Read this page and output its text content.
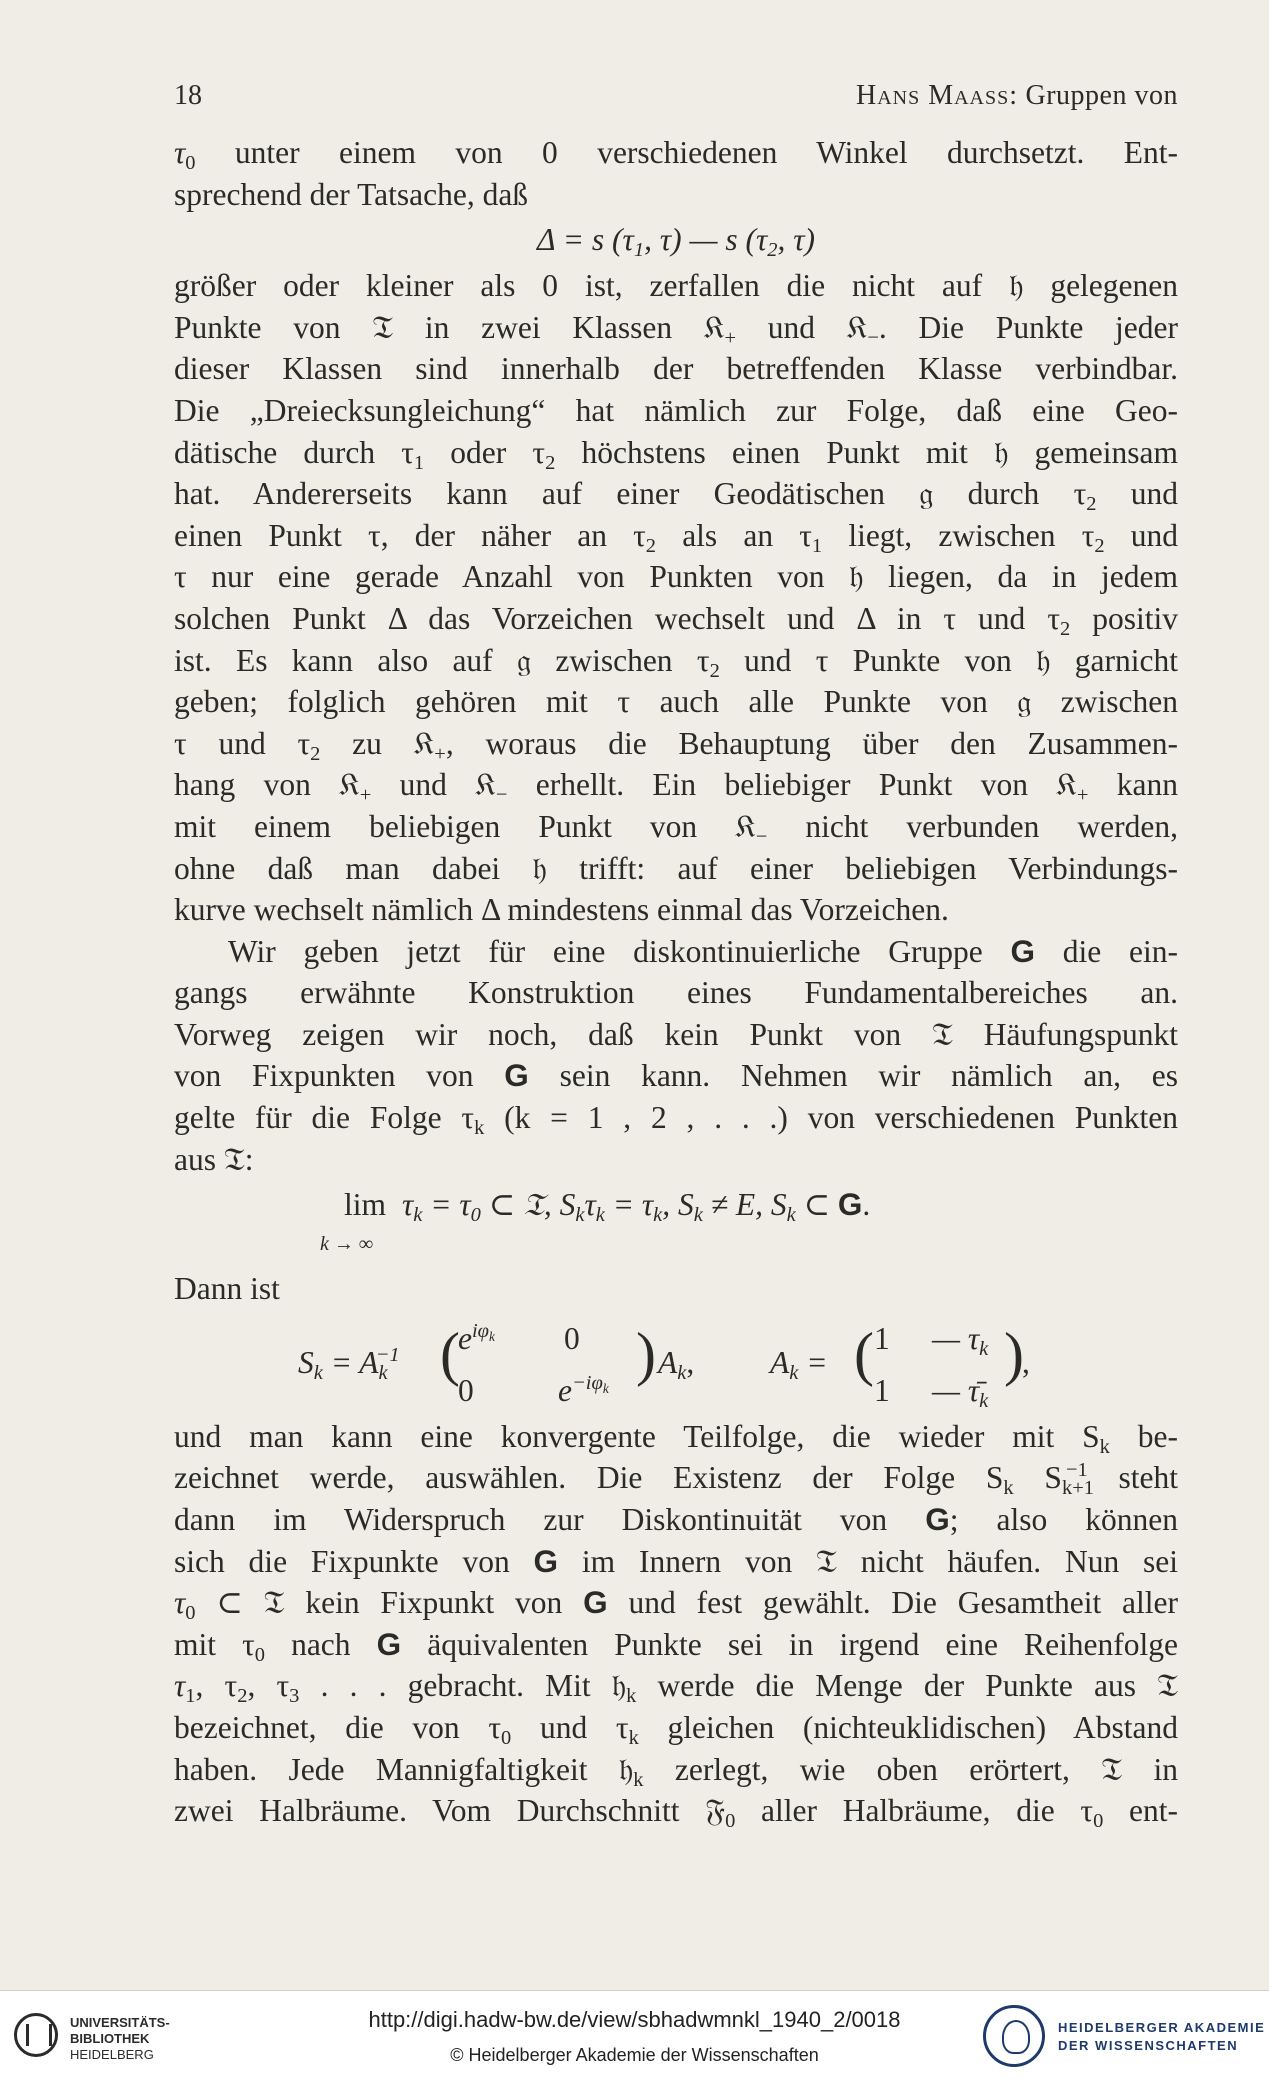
18	Hans Maass: Gruppen von
$\tau_0$ unter einem von 0 verschiedenen Winkel durchsetzt. Ent-
sprechend der Tatsache, daß
Δ = s ($\tau_1$, τ) — s ($\tau_2$, τ)
größer oder kleiner als 0 ist, zerfallen die nicht auf 𝔥 gelegenen
Punkte von 𝔗 in zwei Klassen 𝔎$_+$ und 𝔎$_-$. Die Punkte jeder
dieser Klassen sind innerhalb der betreffenden Klasse verbindbar.
Die „Dreiecksungleichung“ hat nämlich zur Folge, daß eine Geo-
dätische durch $\tau_1$ oder $\tau_2$ höchstens einen Punkt mit 𝔥 gemeinsam
hat. Andererseits kann auf einer Geodätischen 𝔤 durch $\tau_2$ und
einen Punkt τ, der näher an $\tau_2$ als an $\tau_1$ liegt, zwischen $\tau_2$ und
τ nur eine gerade Anzahl von Punkten von 𝔥 liegen, da in jedem
solchen Punkt Δ das Vorzeichen wechselt und Δ in τ und $\tau_2$ positiv
ist. Es kann also auf 𝔤 zwischen $\tau_2$ und τ Punkte von 𝔥 garnicht
geben; folglich gehören mit τ auch alle Punkte von 𝔤 zwischen
τ und $\tau_2$ zu 𝔎$_+$, woraus die Behauptung über den Zusammen-
hang von 𝔎$_+$ und 𝔎$_-$ erhellt. Ein beliebiger Punkt von 𝔎$_+$ kann
mit einem beliebigen Punkt von 𝔎$_-$ nicht verbunden werden,
ohne daß man dabei 𝔥 trifft: auf einer beliebigen Verbindungs-
kurve wechselt nämlich Δ mindestens einmal das Vorzeichen.
Wir geben jetzt für eine diskontinuierliche Gruppe G die ein-
gangs erwähnte Konstruktion eines Fundamentalbereiches an.
Vorweg zeigen wir noch, daß kein Punkt von 𝔗 Häufungspunkt
von Fixpunkten von G sein kann. Nehmen wir nämlich an, es
gelte für die Folge $\tau_k$ (k = 1 , 2 , . . .) von verschiedenen Punkten
aus 𝔗:
lim
k → ∞
$\tau_k = \tau_0$ ⊂ 𝔗, $S_k\tau_k = \tau_k$, $S_k \ne E$, $S_k$ ⊂ G.
Dann ist
$S_k = A_k^{-1}$ (
$e^{i\varphi_k}$ 0
0	$e^{-i\varphi_k}$
) $A_k$, $A_k$ = ( 1
1
— $\tau_k$
— $\taū_k$
)
,
und man kann eine konvergente Teilfolge, die wieder mit $S_k$ be-
zeichnet werde, auswählen. Die Existenz der Folge $S_k$ $S_{k+1}^{-1}$ steht
dann im Widerspruch zur Diskontinuität von G; also können
sich die Fixpunkte von G im Innern von 𝔗 nicht häufen. Nun sei
$\tau_0$ ⊂ 𝔗 kein Fixpunkt von G und fest gewählt. Die Gesamtheit aller
mit $\tau_0$ nach G äquivalenten Punkte sei in irgend eine Reihenfolge
$\tau_1$, $\tau_2$, $\tau_3$ . . . gebracht. Mit 𝔥$_k$ werde die Menge der Punkte aus 𝔗
bezeichnet, die von $\tau_0$ und $\tau_k$ gleichen (nichteuklidischen) Abstand
haben. Jede Mannigfaltigkeit 𝔥$_k$ zerlegt, wie oben erörtert, 𝔗 in
zwei Halbräume. Vom Durchschnitt 𝔉$_0$ aller Halbräume, die $\tau_0$ ent-
UNIVERSITÄTS-
BIBLIOTHEK
HEIDELBERG
http://digi.hadw-bw.de/view/sbhadwmnkl_1940_2/0018
© Heidelberger Akademie der Wissenschaften
HEIDELBERGER AKADEMIE
DER WISSENSCHAFTEN
